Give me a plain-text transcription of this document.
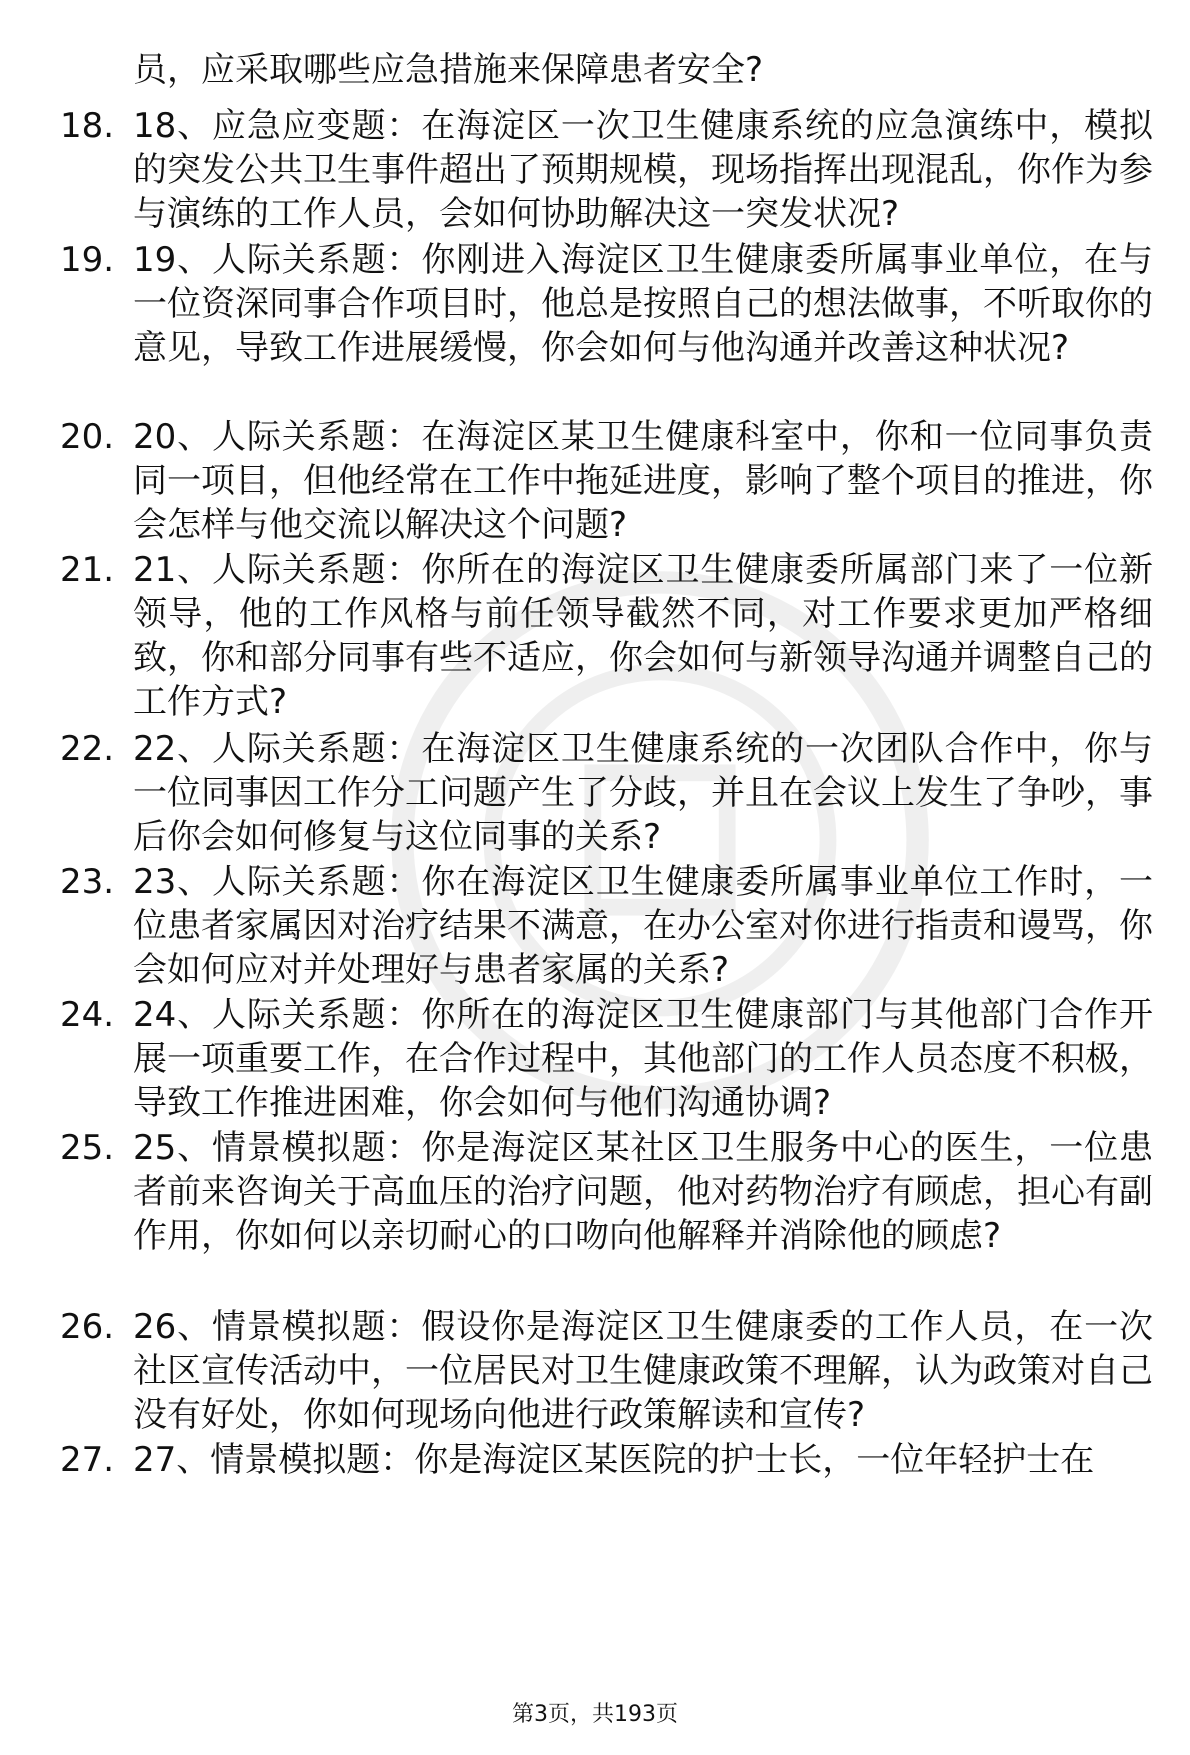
员，应采取哪些应急措施来保障患者安全?
18. 18、应急应变题：在海淀区一次卫生健康系统的应急演练中，模拟的突发公共卫生事件超出了预期规模，现场指挥出现混乱，你作为参与演练的工作人员，会如何协助解决这一突发状况?
19. 19、人际关系题：你刚进入海淀区卫生健康委所属事业单位，在与一位资深同事合作项目时，他总是按照自己的想法做事，不听取你的意见，导致工作进展缓慢，你会如何与他沟通并改善这种状况?
20. 20、人际关系题：在海淀区某卫生健康科室中，你和一位同事负责同一项目，但他经常在工作中拖延进度，影响了整个项目的推进，你会怎样与他交流以解决这个问题?
21. 21、人际关系题：你所在的海淀区卫生健康委所属部门来了一位新领导，他的工作风格与前任领导截然不同，对工作要求更加严格细致，你和部分同事有些不适应，你会如何与新领导沟通并调整自己的工作方式?
22. 22、人际关系题：在海淀区卫生健康系统的一次团队合作中，你与一位同事因工作分工问题产生了分歧，并且在会议上发生了争吵，事后你会如何修复与这位同事的关系?
23. 23、人际关系题：你在海淀区卫生健康委所属事业单位工作时，一位患者家属因对治疗结果不满意，在办公室对你进行指责和谩骂，你会如何应对并处理好与患者家属的关系?
24. 24、人际关系题：你所在的海淀区卫生健康部门与其他部门合作开展一项重要工作，在合作过程中，其他部门的工作人员态度不积极，导致工作推进困难，你会如何与他们沟通协调?
25. 25、情景模拟题：你是海淀区某社区卫生服务中心的医生，一位患者前来咨询关于高血压的治疗问题，他对药物治疗有顾虑，担心有副作用，你如何以亲切耐心的口吻向他解释并消除他的顾虑?
26. 26、情景模拟题：假设你是海淀区卫生健康委的工作人员，在一次社区宣传活动中，一位居民对卫生健康政策不理解，认为政策对自己没有好处，你如何现场向他进行政策解读和宣传?
27. 27、情景模拟题：你是海淀区某医院的护士长，一位年轻护士在
第3页，共193页
